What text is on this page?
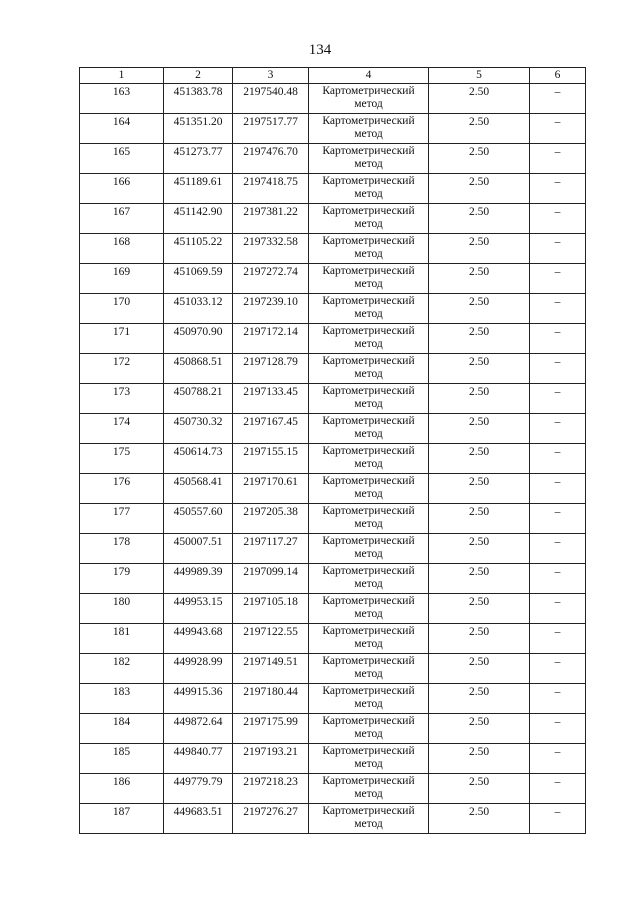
134
1	2	3	4	5	6

163	451383.78	2197540.48	Картометрический метод	2.50	–

164	451351.20	2197517.77	Картометрический метод	2.50	–

165	451273.77	2197476.70	Картометрический метод	2.50	–

166	451189.61	2197418.75	Картометрический метод	2.50	–

167	451142.90	2197381.22	Картометрический метод	2.50	–

168	451105.22	2197332.58	Картометрический метод	2.50	–

169	451069.59	2197272.74	Картометрический метод	2.50	–

170	451033.12	2197239.10	Картометрический метод	2.50	–

171	450970.90	2197172.14	Картометрический метод	2.50	–

172	450868.51	2197128.79	Картометрический метод	2.50	–

173	450788.21	2197133.45	Картометрический метод	2.50	–

174	450730.32	2197167.45	Картометрический метод	2.50	–

175	450614.73	2197155.15	Картометрический метод	2.50	–

176	450568.41	2197170.61	Картометрический метод	2.50	–

177	450557.60	2197205.38	Картометрический метод	2.50	–

178	450007.51	2197117.27	Картометрический метод	2.50	–

179	449989.39	2197099.14	Картометрический метод	2.50	–

180	449953.15	2197105.18	Картометрический метод	2.50	–

181	449943.68	2197122.55	Картометрический метод	2.50	–

182	449928.99	2197149.51	Картометрический метод	2.50	–

183	449915.36	2197180.44	Картометрический метод	2.50	–

184	449872.64	2197175.99	Картометрический метод	2.50	–

185	449840.77	2197193.21	Картометрический метод	2.50	–

186	449779.79	2197218.23	Картометрический метод	2.50	–

187	449683.51	2197276.27	Картометрический метод	2.50	–
